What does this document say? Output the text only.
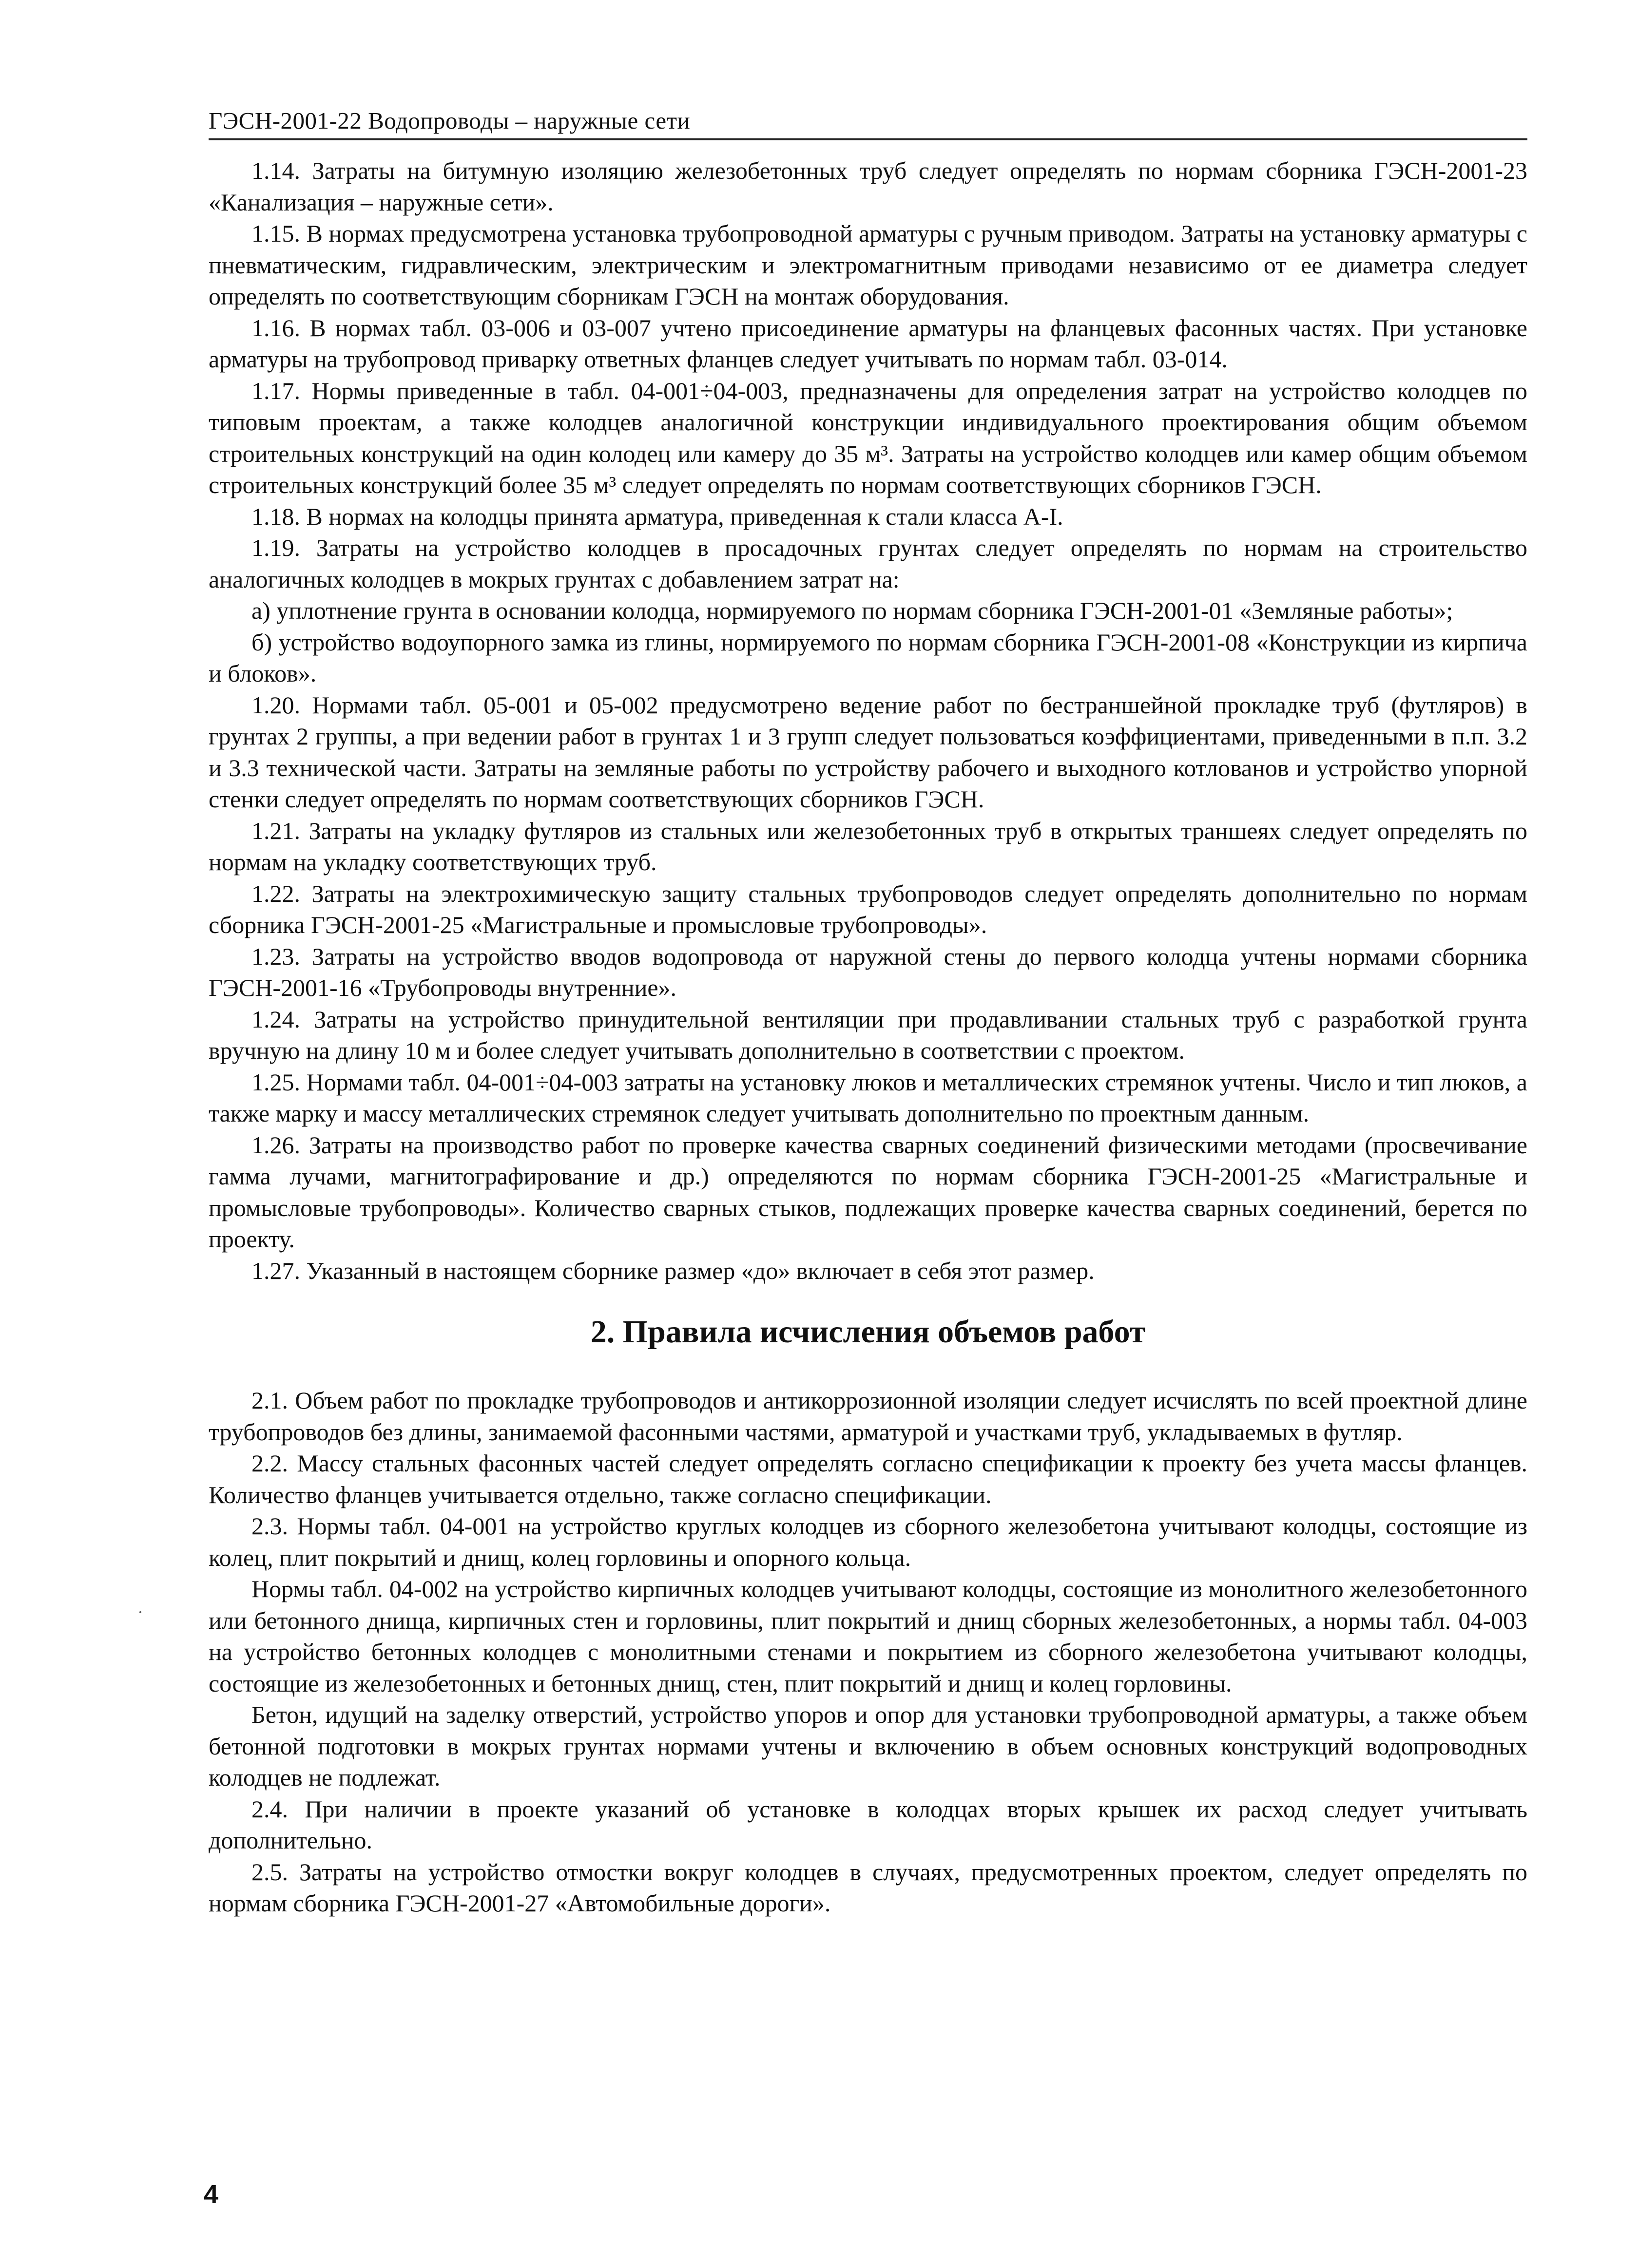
ГЭСН-2001-22 Водопроводы – наружные сети

1.14. Затраты на битумную изоляцию железобетонных труб следует определять по нормам сборника ГЭСН-2001-23 «Канализация – наружные сети».

1.15. В нормах предусмотрена установка трубопроводной арматуры с ручным приводом. Затраты на установку арматуры с пневматическим, гидравлическим, электрическим и электромагнитным приводами независимо от ее диаметра следует определять по соответствующим сборникам ГЭСН на монтаж оборудования.

1.16. В нормах табл. 03-006 и 03-007 учтено присоединение арматуры на фланцевых фасонных частях. При установке арматуры на трубопровод приварку ответных фланцев следует учитывать по нормам табл. 03-014.

1.17. Нормы приведенные в табл. 04-001÷04-003, предназначены для определения затрат на устройство колодцев по типовым проектам, а также колодцев аналогичной конструкции индивидуального проектирования общим объемом строительных конструкций на один колодец или камеру до 35 м³. Затраты на устройство колодцев или камер общим объемом строительных конструкций более 35 м³ следует определять по нормам соответствующих сборников ГЭСН.

1.18. В нормах на колодцы принята арматура, приведенная к стали класса А-I.

1.19. Затраты на устройство колодцев в просадочных грунтах следует определять по нормам на строительство аналогичных колодцев в мокрых грунтах с добавлением затрат на:

а) уплотнение грунта в основании колодца, нормируемого по нормам сборника ГЭСН-2001-01 «Земляные работы»;

б) устройство водоупорного замка из глины, нормируемого по нормам сборника ГЭСН-2001-08 «Конструкции из кирпича и блоков».

1.20. Нормами табл. 05-001 и 05-002 предусмотрено ведение работ по бестраншейной прокладке труб (футляров) в грунтах 2 группы, а при ведении работ в грунтах 1 и 3 групп следует пользоваться коэффициентами, приведенными в п.п. 3.2 и 3.3 технической части. Затраты на земляные работы по устройству рабочего и выходного котлованов и устройство упорной стенки следует определять по нормам соответствующих сборников ГЭСН.

1.21. Затраты на укладку футляров из стальных или железобетонных труб в открытых траншеях следует определять по нормам на укладку соответствующих труб.

1.22. Затраты на электрохимическую защиту стальных трубопроводов следует определять дополнительно по нормам сборника ГЭСН-2001-25 «Магистральные и промысловые трубопроводы».

1.23. Затраты на устройство вводов водопровода от наружной стены до первого колодца учтены нормами сборника ГЭСН-2001-16 «Трубопроводы внутренние».

1.24. Затраты на устройство принудительной вентиляции при продавливании стальных труб с разработкой грунта вручную на длину 10 м и более следует учитывать дополнительно в соответствии с проектом.

1.25. Нормами табл. 04-001÷04-003 затраты на установку люков и металлических стремянок учтены. Число и тип люков, а также марку и массу металлических стремянок следует учитывать дополнительно по проектным данным.

1.26. Затраты на производство работ по проверке качества сварных соединений физическими методами (просвечивание гамма лучами, магнитографирование и др.) определяются по нормам сборника ГЭСН-2001-25 «Магистральные и промысловые трубопроводы». Количество сварных стыков, подлежащих проверке качества сварных соединений, берется по проекту.

1.27. Указанный в настоящем сборнике размер «до» включает в себя этот размер.

2. Правила исчисления объемов работ

2.1. Объем работ по прокладке трубопроводов и антикоррозионной изоляции следует исчислять по всей проектной длине трубопроводов без длины, занимаемой фасонными частями, арматурой и участками труб, укладываемых в футляр.

2.2. Массу стальных фасонных частей следует определять согласно спецификации к проекту без учета массы фланцев. Количество фланцев учитывается отдельно, также согласно спецификации.

2.3. Нормы табл. 04-001 на устройство круглых колодцев из сборного железобетона учитывают колодцы, состоящие из колец, плит покрытий и днищ, колец горловины и опорного кольца.

Нормы табл. 04-002 на устройство кирпичных колодцев учитывают колодцы, состоящие из монолитного железобетонного или бетонного днища, кирпичных стен и горловины, плит покрытий и днищ сборных железобетонных, а нормы табл. 04-003 на устройство бетонных колодцев с монолитными стенами и покрытием из сборного железобетона учитывают колодцы, состоящие из железобетонных и бетонных днищ, стен, плит покрытий и днищ и колец горловины.

Бетон, идущий на заделку отверстий, устройство упоров и опор для установки трубопроводной арматуры, а также объем бетонной подготовки в мокрых грунтах нормами учтены и включению в объем основных конструкций водопроводных колодцев не подлежат.

2.4. При наличии в проекте указаний об установке в колодцах вторых крышек их расход следует учитывать дополнительно.

2.5. Затраты на устройство отмостки вокруг колодцев в случаях, предусмотренных проектом, следует определять по нормам сборника ГЭСН-2001-27 «Автомобильные дороги».

4
